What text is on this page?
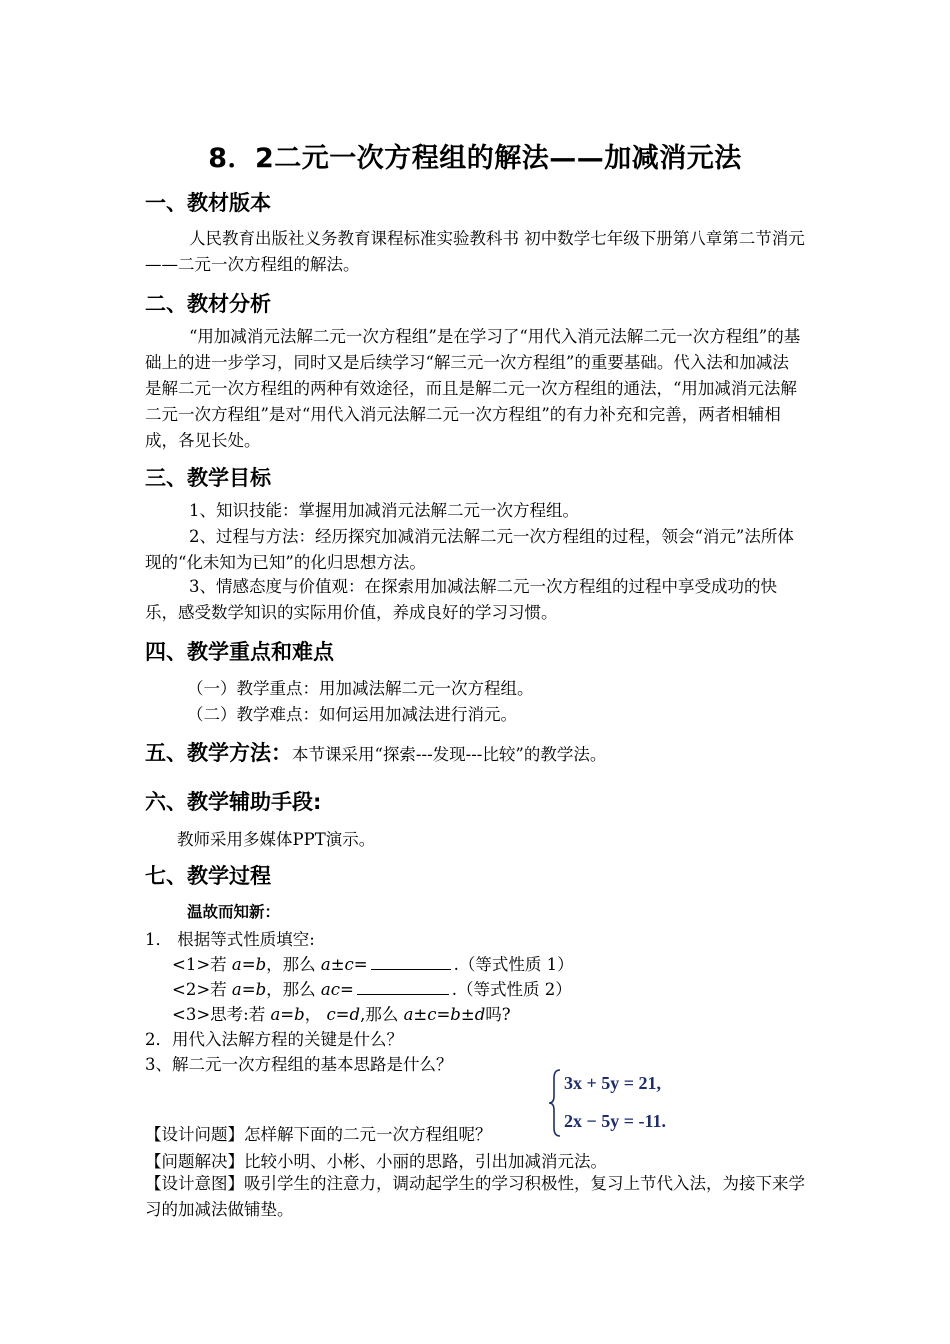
8．2二元一次方程组的解法——加减消元法
一、教材版本
人民教育出版社义务教育课程标准实验教科书 初中数学七年级下册第八章第二节消元——二元一次方程组的解法。
二、教材分析
“用加减消元法解二元一次方程组”是在学习了“用代入消元法解二元一次方程组”的基础上的进一步学习，同时又是后续学习“解三元一次方程组”的重要基础。代入法和加减法是解二元一次方程组的两种有效途径，而且是解二元一次方程组的通法，“用加减消元法解二元一次方程组”是对“用代入消元法解二元一次方程组”的有力补充和完善，两者相辅相成，各见长处。
三、教学目标
1、知识技能：掌握用加减消元法解二元一次方程组。
2、过程与方法：经历探究加减消元法解二元一次方程组的过程，领会“消元”法所体现的“化未知为已知”的化归思想方法。
3、情感态度与价值观：在探索用加减法解二元一次方程组的过程中享受成功的快乐，感受数学知识的实际用价值，养成良好的学习习惯。
四、教学重点和难点
（一）教学重点：用加减法解二元一次方程组。
（二）教学难点：如何运用加减法进行消元。
五、教学方法：本节课采用“探索---发现---比较”的教学法。
六、教学辅助手段:
教师采用多媒体PPT演示。
七、教学过程
温故而知新：
1． 根据等式性质填空:
<1>若 a=b，那么 a±c=	.（等式性质 1）
<2>若 a=b，那么 ac=	.（等式性质 2）
<3>思考:若 a=b， c=d,那么 a±c=b±d吗?
2．用代入法解方程的关键是什么？
3、解二元一次方程组的基本思路是什么？
3x + 5y = 21,
2x − 5y = -11.
【设计问题】怎样解下面的二元一次方程组呢？
【问题解决】比较小明、小彬、小丽的思路，引出加减消元法。
【设计意图】吸引学生的注意力，调动起学生的学习积极性，复习上节代入法，为接下来学习的加减法做铺垫。
